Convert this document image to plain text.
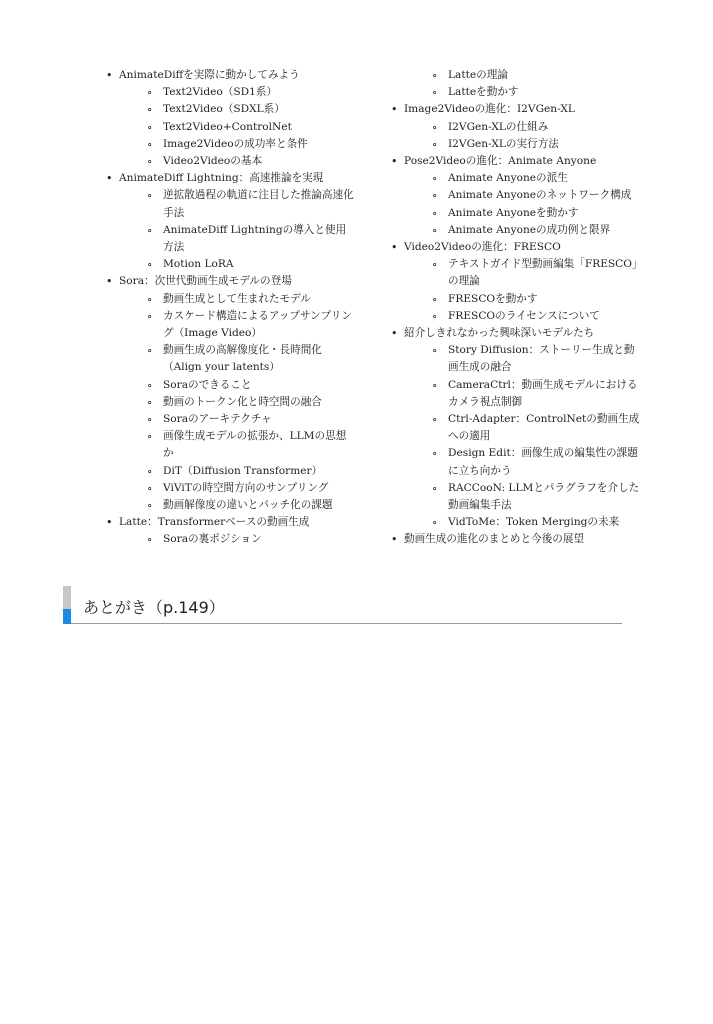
• AnimateDiffを実際に動かしてみよう
∘ Text2Video（SD1系）
∘ Text2Video（SDXL系）
∘ Text2Video+ControlNet
∘ Image2Videoの成功率と条件
∘ Video2Videoの基本
• AnimateDiff Lightning：高速推論を実現
∘ 逆拡散過程の軌道に注目した推論高速化手法
∘ AnimateDiff Lightningの導入と使用方法
∘ Motion LoRA
• Sora：次世代動画生成モデルの登場
∘ 動画生成として生まれたモデル
∘ カスケード構造によるアップサンプリング（Image Video）
∘ 動画生成の高解像度化・長時間化（Align your latents）
∘ Soraのできること
∘ 動画のトークン化と時空間の融合
∘ Soraのアーキテクチャ
∘ 画像生成モデルの拡張か、LLMの思想か
∘ DiT（Diffusion Transformer）
∘ ViViTの時空間方向のサンプリング
∘ 動画解像度の違いとパッチ化の課題
• Latte：Transformerベースの動画生成
∘ Soraの裏ポジション
∘ Latteの理論
∘ Latteを動かす
• Image2Videoの進化：I2VGen-XL
∘ I2VGen-XLの仕組み
∘ I2VGen-XLの実行方法
• Pose2Videoの進化：Animate Anyone
∘ Animate Anyoneの派生
∘ Animate Anyoneのネットワーク構成
∘ Animate Anyoneを動かす
∘ Animate Anyoneの成功例と限界
• Video2Videoの進化：FRESCO
∘ テキストガイド型動画編集「FRESCO」の理論
∘ FRESCOを動かす
∘ FRESCOのライセンスについて
• 紹介しきれなかった興味深いモデルたち
∘ Story Diffusion：ストーリー生成と動画生成の融合
∘ CameraCtrl：動画生成モデルにおけるカメラ視点制御
∘ Ctrl-Adapter：ControlNetの動画生成への適用
∘ Design Edit：画像生成の編集性の課題に立ち向かう
∘ RACCooN: LLMとパラグラフを介した動画編集手法
∘ VidToMe：Token Mergingの未来
• 動画生成の進化のまとめと今後の展望
あとがき（p.149）
